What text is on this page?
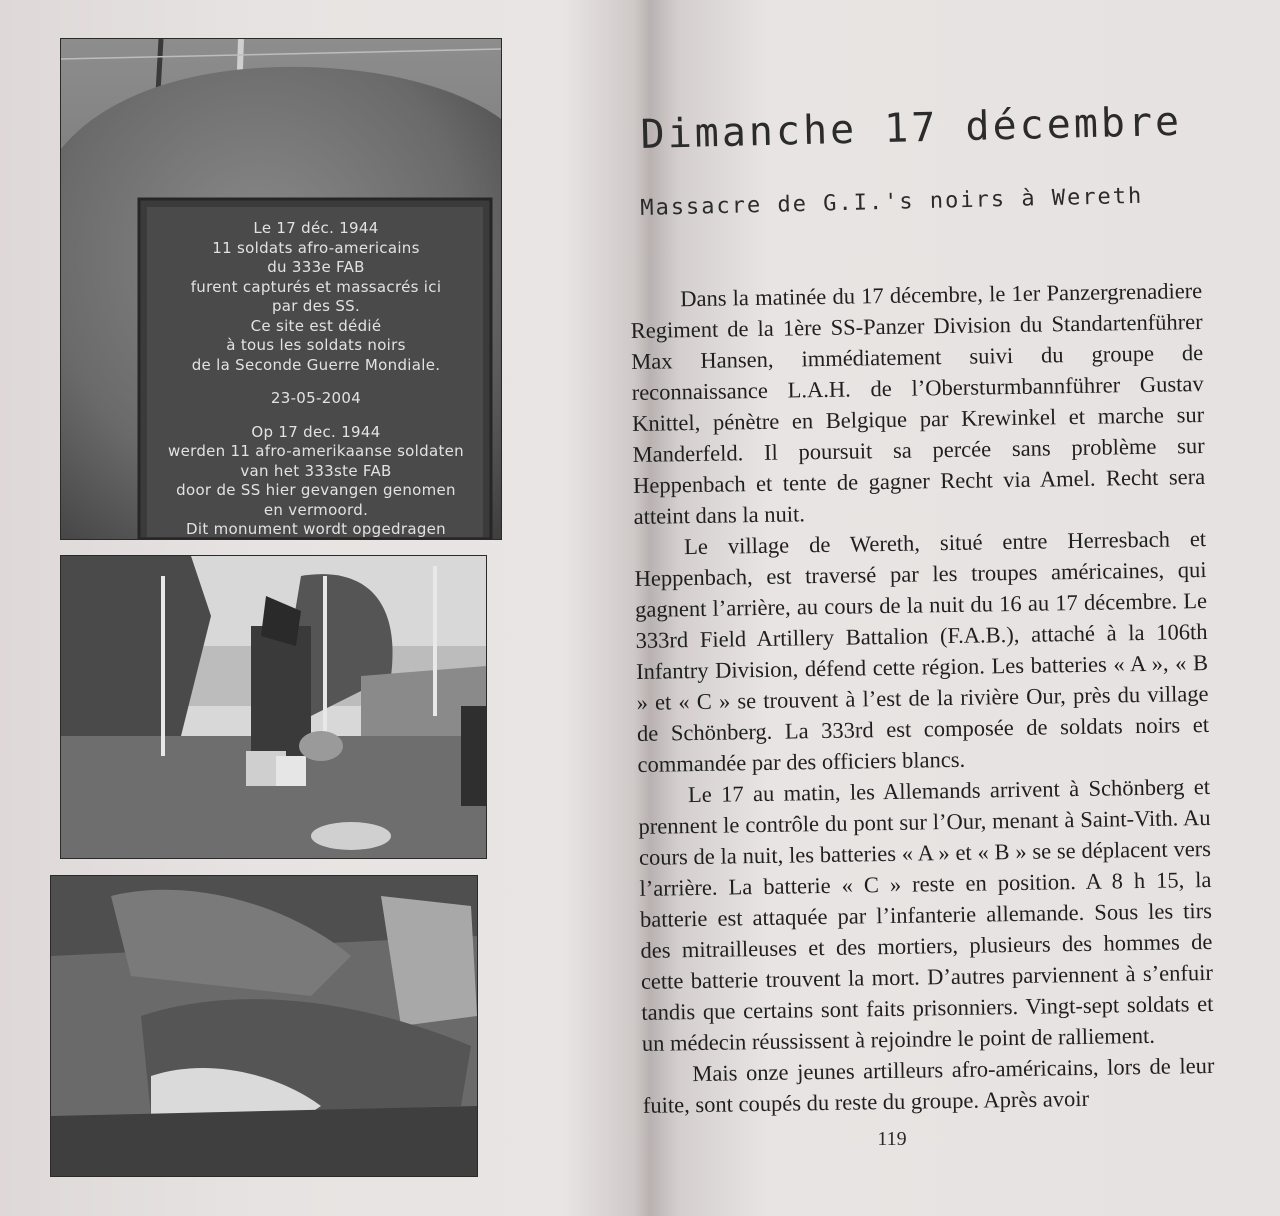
Le 17 déc. 1944
11 soldats afro-americains
du 333e FAB
furent capturés et massacrés ici
par des SS.
Ce site est dédié
à tous les soldats noirs
de la Seconde Guerre Mondiale.
23-05-2004
Op 17 dec. 1944
werden 11 afro-amerikaanse soldaten
van het 333ste FAB
door de SS hier gevangen genomen
en vermoord.
Dit monument wordt opgedragen
Dimanche 17 décembre
Massacre de G.I.'s noirs à Wereth

Dans la matinée du 17 décembre, le 1er Panzergrenadiere Regiment de la 1ère SS-Panzer Division du Standartenführer Max Hansen, immédiatement suivi du groupe de reconnaissance L.A.H. de l’Obersturmbannführer Gustav Knittel, pénètre en Belgique par Krewinkel et marche sur Manderfeld. Il poursuit sa percée sans problème sur Heppenbach et tente de gagner Recht via Amel. Recht sera atteint dans la nuit.

Le village de Wereth, situé entre Herresbach et Heppenbach, est traversé par les troupes américaines, qui gagnent l’arrière, au cours de la nuit du 16 au 17 décembre. Le 333rd Field Artillery Battalion (F.A.B.), attaché à la 106th Infantry Division, défend cette région. Les batteries « A », « B » et « C » se trouvent à l’est de la rivière Our, près du village de Schönberg. La 333rd est composée de soldats noirs et commandée par des officiers blancs.

Le 17 au matin, les Allemands arrivent à Schönberg et prennent le contrôle du pont sur l’Our, menant à Saint-Vith. Au cours de la nuit, les batteries « A » et « B » se se déplacent vers l’arrière. La batterie « C » reste en position. A 8 h 15, la batterie est attaquée par l’infanterie allemande. Sous les tirs des mitrailleuses et des mortiers, plusieurs des hommes de cette batterie trouvent la mort. D’autres parviennent à s’enfuir tandis que certains sont faits prisonniers. Vingt-sept soldats et un médecin réussissent à rejoindre le point de ralliement.

Mais onze jeunes artilleurs afro-américains, lors de leur fuite, sont coupés du reste du groupe. Après avoir

119
